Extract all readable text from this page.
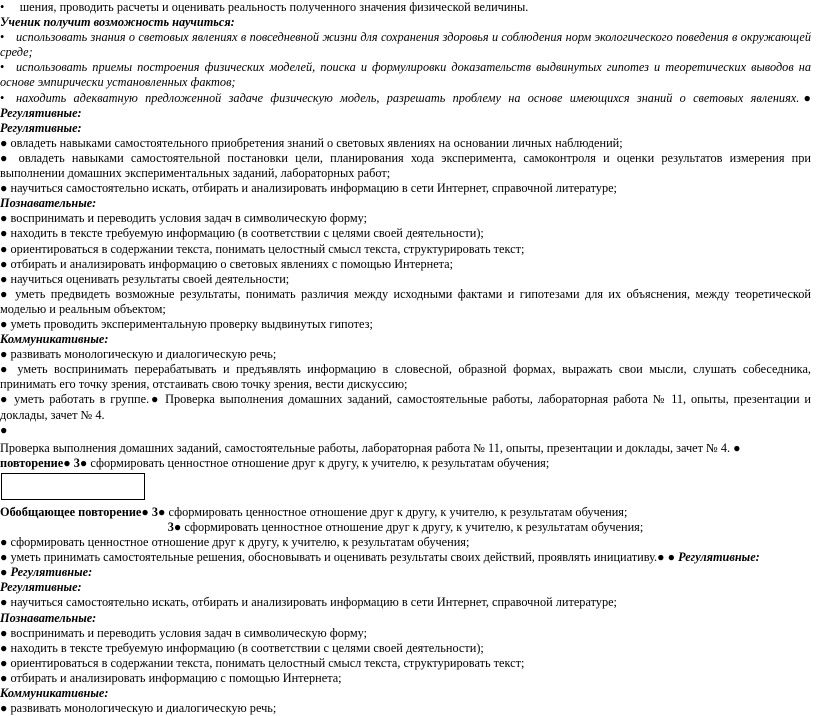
• шения, проводить расчеты и оценивать реальность полученного значения физической величины.

Ученик получит возможность научиться:

• использовать знания о световых явлениях в повседневной жизни для сохранения здоровья и соблюдения норм экологического поведения в окружающей среде;

• использовать приемы построения физических моделей, поиска и формулировки доказательств выдвинутых гипотез и теоретических выводов на основе эмпирически установленных фактов;

• находить адекватную предложенной задаче физическую модель, разрешать проблему на основе имеющихся знаний о световых явлениях.● Регулятивные:

Регулятивные:

● овладеть навыками самостоятельного приобретения знаний о световых явлениях на основании личных наблюдений;

● овладеть навыками самостоятельной постановки цели, планирования хода эксперимента, самоконтроля и оценки результатов измерения при выполнении домашних экспериментальных заданий, лабораторных работ;

● научиться самостоятельно искать, отбирать и анализировать информацию в сети Интернет, справочной литературе;

Познавательные:

● воспринимать и переводить условия задач в символическую форму;

● находить в тексте требуемую информацию (в соответствии с целями своей деятельности);

● ориентироваться в содержании текста, понимать целостный смысл текста, структурировать текст;

● отбирать и анализировать информацию о световых явлениях с помощью Интернета;

● научиться оценивать результаты своей деятельности;

● уметь предвидеть возможные результаты, понимать различия между исходными фактами и гипотезами для их объяснения, между теоретической моделью и реальным объектом;

● уметь проводить экспериментальную проверку выдвинутых гипотез;

Коммуникативные:

● развивать монологическую и диалогическую речь;

● уметь воспринимать перерабатывать и предъявлять информацию в словесной, образной формах, выражать свои мысли, слушать собеседника, принимать его точку зрения, отстаивать свою точку зрения, вести дискуссию;

● уметь работать в группе.● Проверка выполнения домашних заданий, самостоятельные работы, лабораторная работа № 11, опыты, презентации и доклады, зачет № 4.
●

Проверка выполнения домашних заданий, самостоятельные работы, лабораторная работа № 11, опыты, презентации и доклады, зачет № 4. ●
повторение● 3● сформировать ценностное отношение друг к другу, к учителю, к результатам обучения;

Обобщающее повторение● 3● сформировать ценностное отношение друг к другу, к учителю, к результатам обучения;

3● сформировать ценностное отношение друг к другу, к учителю, к результатам обучения;

● сформировать ценностное отношение друг к другу, к учителю, к результатам обучения;

● уметь принимать самостоятельные решения, обосновывать и оценивать результаты своих действий, проявлять инициативу.● ● Регулятивные:

● Регулятивные:

Регулятивные:

● научиться самостоятельно искать, отбирать и анализировать информацию в сети Интернет, справочной литературе;

Познавательные:

● воспринимать и переводить условия задач в символическую форму;

● находить в тексте требуемую информацию (в соответствии с целями своей деятельности);

● ориентироваться в содержании текста, понимать целостный смысл текста, структурировать текст;

● отбирать и анализировать информацию с помощью Интернета;

Коммуникативные:

● развивать монологическую и диалогическую речь;
